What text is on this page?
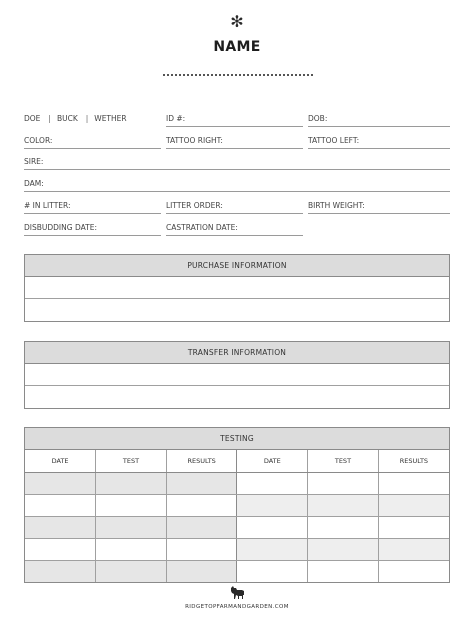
✻
NAME
DOE | BUCK | WETHER	ID #:	DOB:
COLOR:	TATTOO RIGHT:	TATTOO LEFT:
SIRE:
DAM:
# IN LITTER:	LITTER ORDER:	BIRTH WEIGHT:
DISBUDDING DATE:	CASTRATION DATE:
PURCHASE INFORMATION
TRANSFER INFORMATION
TESTING
DATE	TEST	RESULTS	DATE	TEST	RESULTS

RIDGETOPFARMANDGARDEN.COM
